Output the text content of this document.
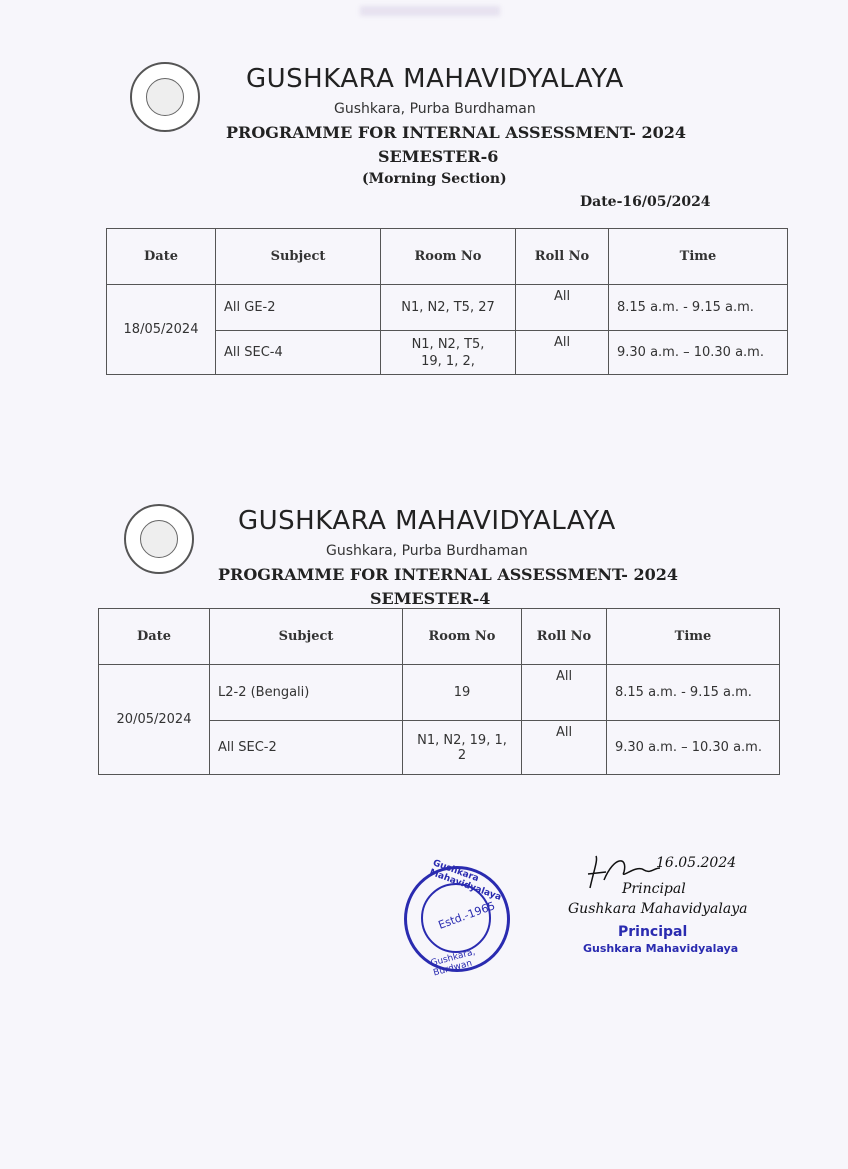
GUSHKARA MAHAVIDYALAYA
Gushkara, Purba Burdhaman
PROGRAMME FOR INTERNAL ASSESSMENT- 2024
SEMESTER-6
(Morning Section)
Date-16/05/2024
Date	Subject	Room No	Roll No	Time
18/05/2024	All GE-2	N1, N2, T5, 27	All	8.15 a.m. - 9.15 a.m.
	All SEC-4	N1, N2, T5, 19, 1, 2,	All	9.30 a.m. – 10.30 a.m.
GUSHKARA MAHAVIDYALAYA
Gushkara, Purba Burdhaman
PROGRAMME FOR INTERNAL ASSESSMENT- 2024
SEMESTER-4
Date	Subject	Room No	Roll No	Time
20/05/2024	L2-2 (Bengali)	19	All	8.15 a.m. - 9.15 a.m.
	All SEC-2	N1, N2, 19, 1, 2	All	9.30 a.m. – 10.30 a.m.
Gushkara Mahavidyalaya
Estd.-1965
Gushkara, Burdwan
16.05.2024
Principal
Gushkara Mahavidyalaya
Principal
Gushkara Mahavidyalaya
